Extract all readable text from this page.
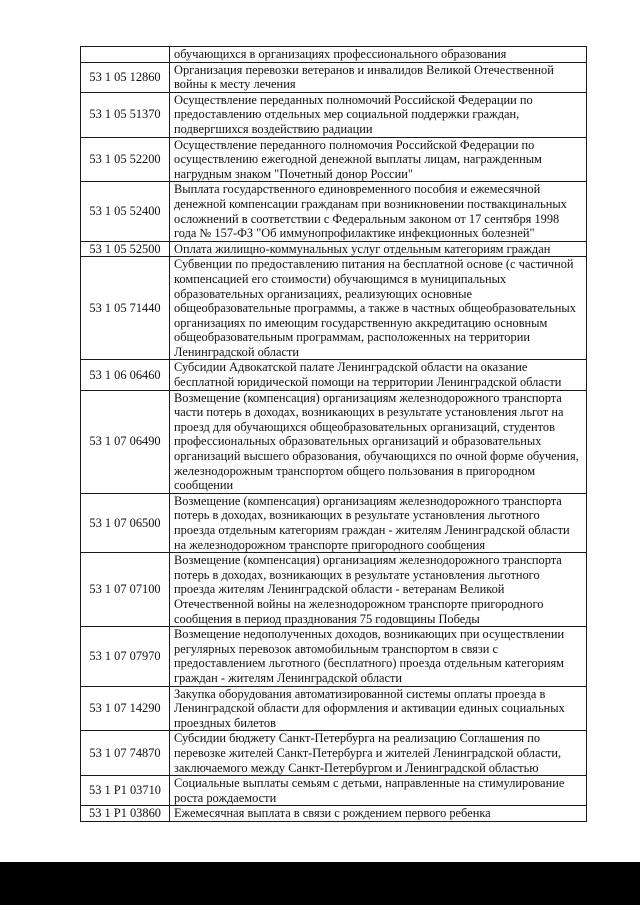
	обучающихся в организациях профессионального образования
53 1 05 12860	Организация перевозки ветеранов и инвалидов Великой Отечественной войны к месту лечения
53 1 05 51370	Осуществление переданных полномочий Российской Федерации по предоставлению отдельных мер социальной поддержки граждан, подвергшихся воздействию радиации
53 1 05 52200	Осуществление переданного полномочия Российской Федерации по осуществлению ежегодной денежной выплаты лицам, награжденным нагрудным знаком "Почетный донор России"
53 1 05 52400	Выплата государственного единовременного пособия и ежемесячной денежной компенсации гражданам при возникновении поствакцинальных осложнений в соответствии с Федеральным законом от 17 сентября 1998 года № 157-ФЗ "Об иммунопрофилактике инфекционных болезней"
53 1 05 52500	Оплата жилищно-коммунальных услуг отдельным категориям граждан
53 1 05 71440	Субвенции по предоставлению питания на бесплатной основе (с частичной компенсацией его стоимости) обучающимся в муниципальных образовательных организациях, реализующих основные общеобразовательные программы, а также в частных общеобразовательных организациях по имеющим государственную аккредитацию основным общеобразовательным программам, расположенных на территории Ленинградской области
53 1 06 06460	Субсидии Адвокатской палате Ленинградской области на оказание бесплатной юридической помощи на территории Ленинградской области
53 1 07 06490	Возмещение (компенсация) организациям железнодорожного транспорта части потерь в доходах, возникающих в результате установления льгот на проезд для обучающихся общеобразовательных организаций, студентов профессиональных образовательных организаций и образовательных организаций высшего образования, обучающихся по очной форме обучения, железнодорожным транспортом общего пользования в пригородном сообщении
53 1 07 06500	Возмещение (компенсация) организациям железнодорожного транспорта потерь в доходах, возникающих в результате установления льготного проезда отдельным категориям граждан - жителям Ленинградской области на железнодорожном транспорте пригородного сообщения
53 1 07 07100	Возмещение (компенсация) организациям железнодорожного транспорта потерь в доходах, возникающих в результате установления льготного проезда жителям Ленинградской области - ветеранам Великой Отечественной войны на железнодорожном транспорте пригородного сообщения в период празднования 75 годовщины Победы
53 1 07 07970	Возмещение недополученных доходов, возникающих при осуществлении регулярных перевозок автомобильным транспортом в связи с предоставлением льготного (бесплатного) проезда отдельным категориям граждан - жителям Ленинградской области
53 1 07 14290	Закупка оборудования автоматизированной системы оплаты проезда в Ленинградской области для оформления и активации единых социальных проездных билетов
53 1 07 74870	Субсидии бюджету Санкт-Петербурга на реализацию Соглашения по перевозке жителей Санкт-Петербурга и жителей Ленинградской области, заключаемого между Санкт-Петербургом и Ленинградской областью
53 1 P1 03710	Социальные выплаты семьям с детьми, направленные на стимулирование роста рождаемости
53 1 P1 03860	Ежемесячная выплата в связи с рождением первого ребенка
